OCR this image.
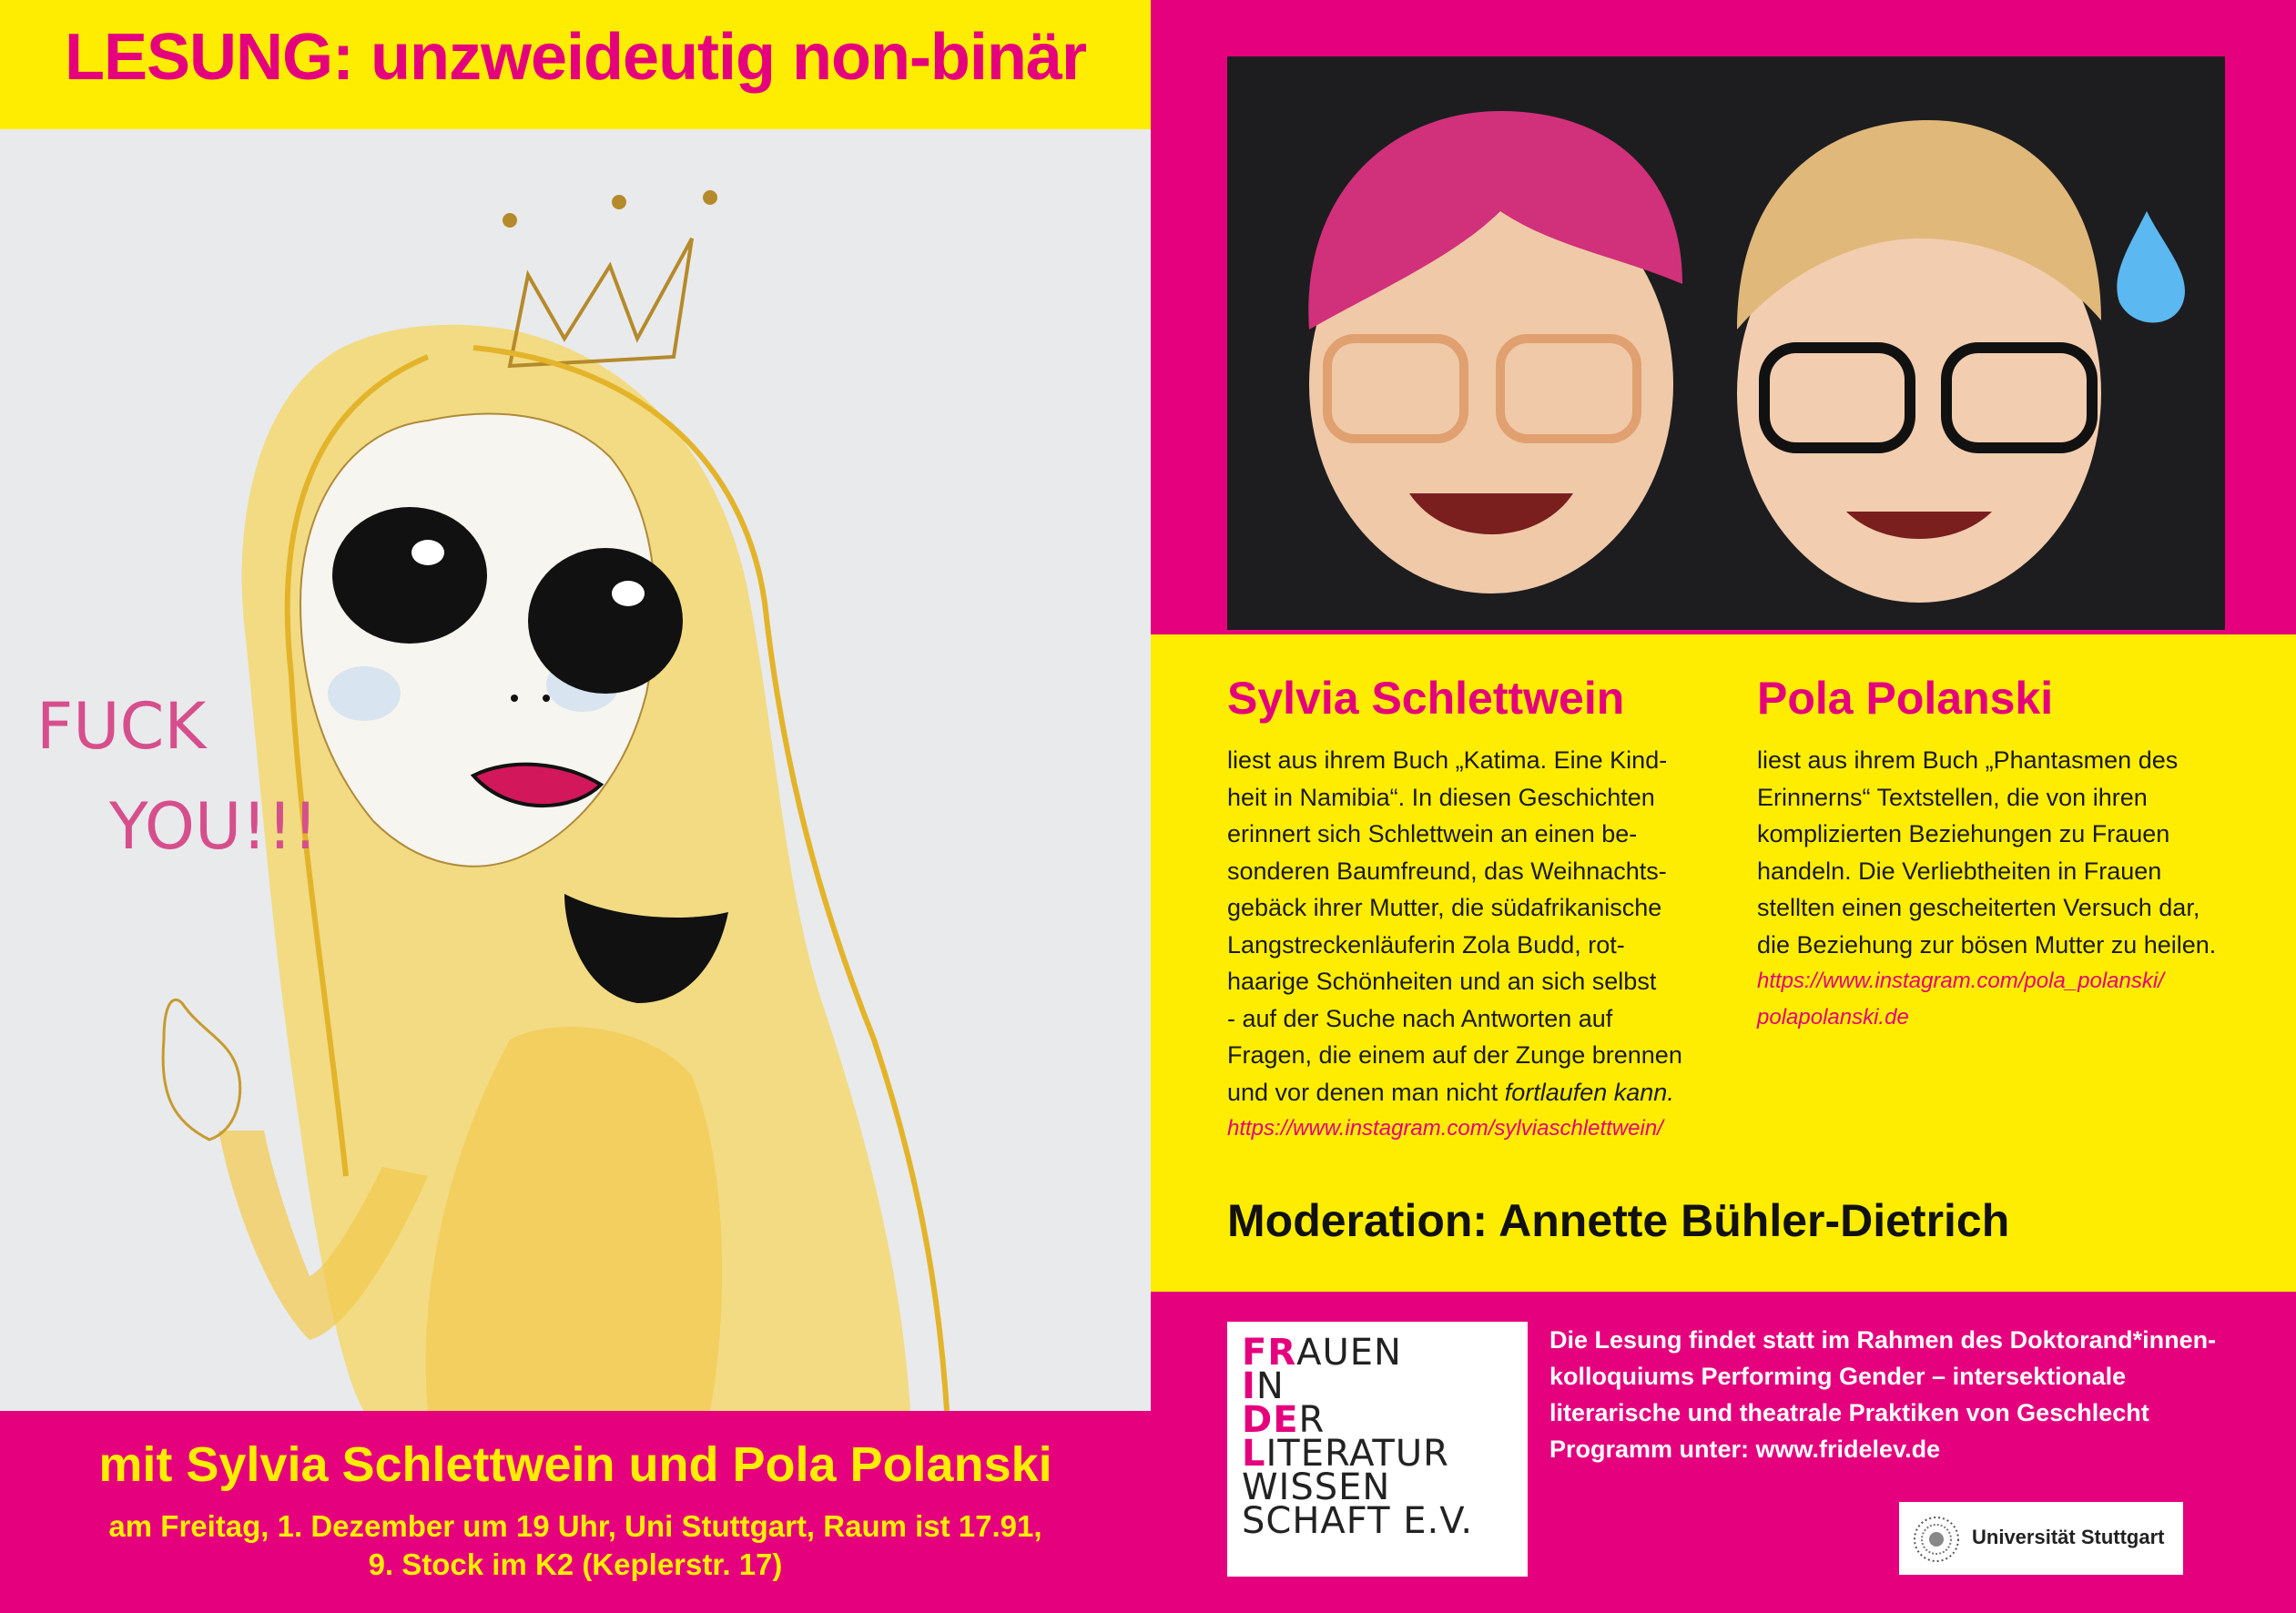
LESUNG: unzweideutig non-binär
FUCK
YOU!!!
mit Sylvia Schlettwein und Pola Polanski
am Freitag, 1. Dezember um 19 Uhr, Uni Stuttgart, Raum ist 17.91,
9. Stock im K2 (Keplerstr. 17)
Sylvia Schlettwein
liest aus ihrem Buch „Katima. Eine Kind-
heit in Namibia“. In diesen Geschichten
erinnert sich Schlettwein an einen be-
sonderen Baumfreund, das Weihnachts-
gebäck ihrer Mutter, die südafrikanische
Langstreckenläuferin Zola Budd, rot-
haarige Schönheiten und an sich selbst
- auf der Suche nach Antworten auf
Fragen, die einem auf der Zunge brennen
und vor denen man nicht fortlaufen kann.
https://www.instagram.com/sylviaschlettwein/
Pola Polanski
liest aus ihrem Buch „Phantasmen des
Erinnerns“ Textstellen, die von ihren
komplizierten Beziehungen zu Frauen
handeln. Die Verliebtheiten in Frauen
stellten einen gescheiterten Versuch dar,
die Beziehung zur bösen Mutter zu heilen.
https://www.instagram.com/pola_polanski/
polapolanski.de
Moderation: Annette Bühler-Dietrich
FRAUEN
IN
DER
LITERATUR
WISSEN
SCHAFT E.V.
Die Lesung findet statt im Rahmen des Doktorand*innen-
kolloquiums Performing Gender – intersektionale
literarische und theatrale Praktiken von Geschlecht
Programm unter: www.fridelev.de
Universität Stuttgart
